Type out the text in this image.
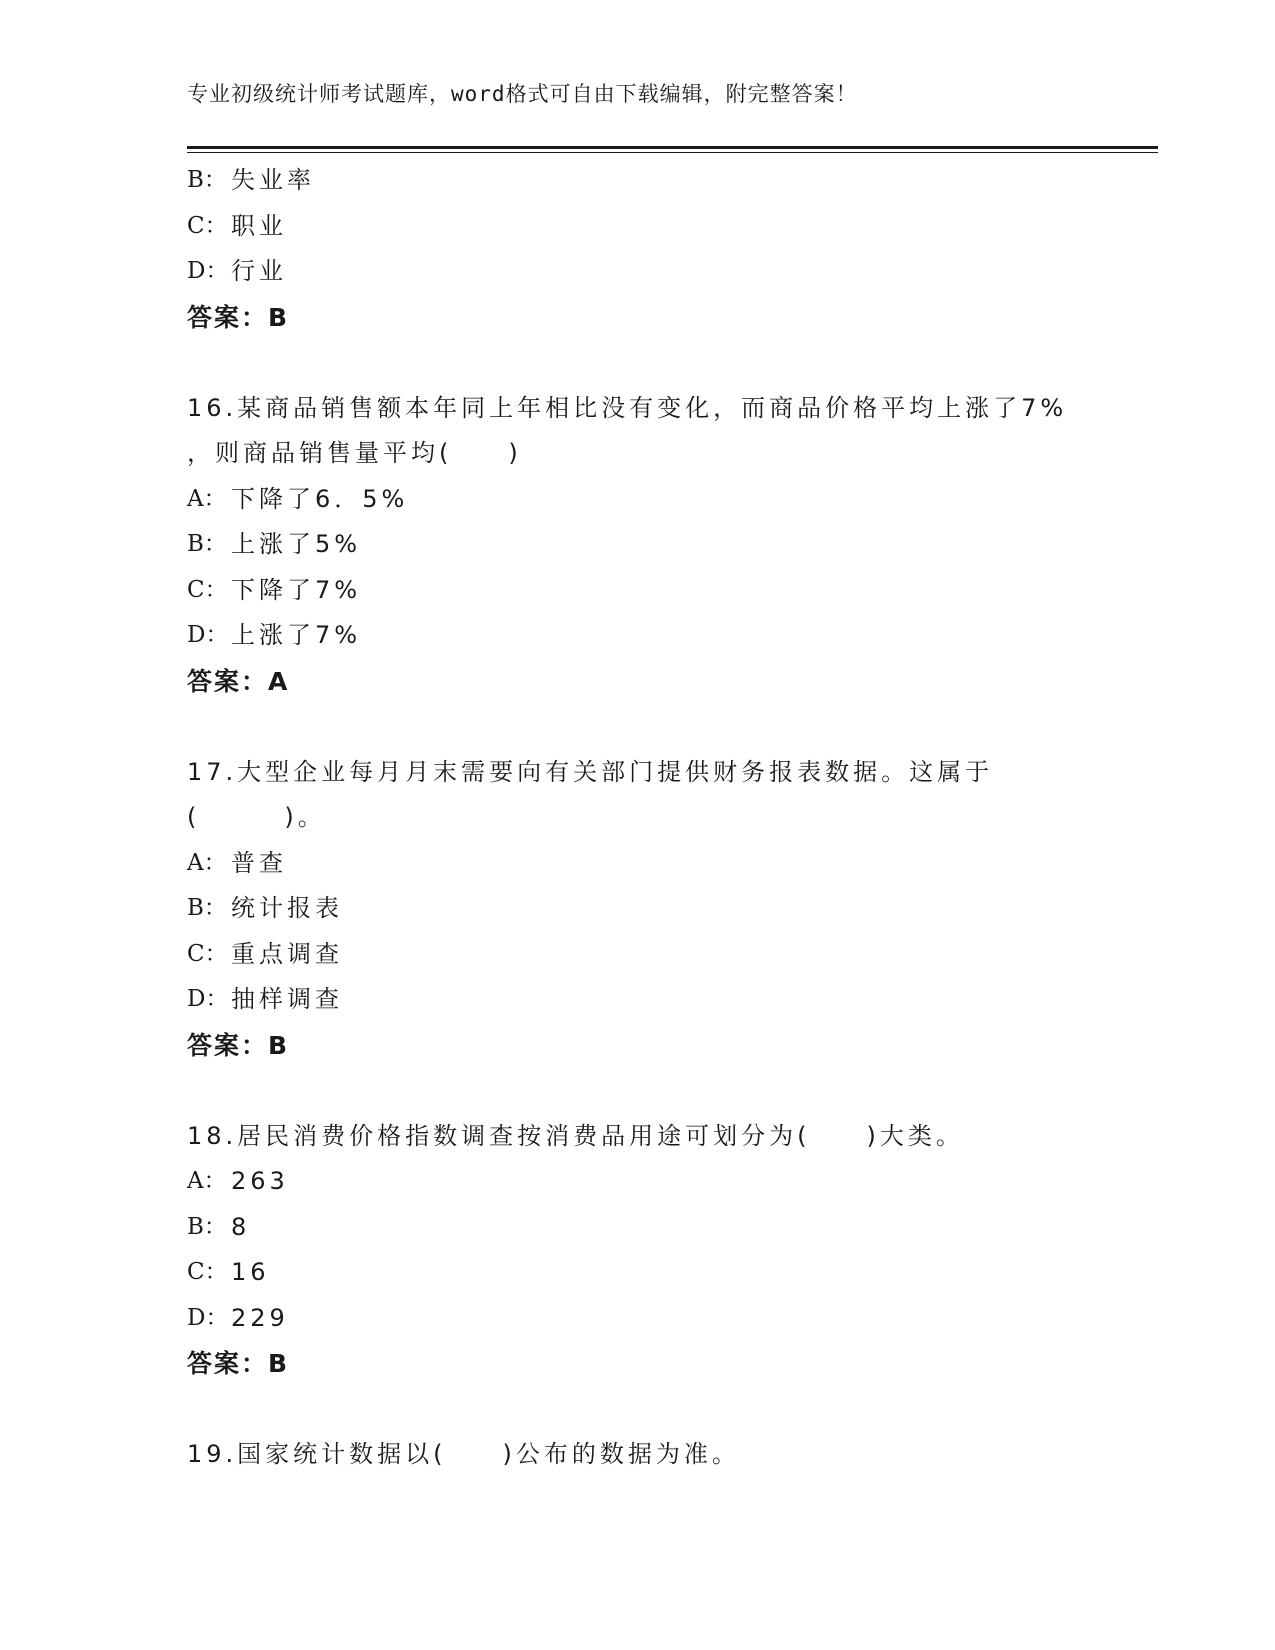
专业初级统计师考试题库，word格式可自由下载编辑，附完整答案！
B： 失业率
C： 职业
D： 行业
答案：B
16.某商品销售额本年同上年相比没有变化，而商品价格平均上涨了7%
，则商品销售量平均(　　)
A： 下降了6．5%
B： 上涨了5%
C： 下降了7%
D： 上涨了7%
答案：A
17.大型企业每月月末需要向有关部门提供财务报表数据。这属于
(　　　)。
A： 普查
B： 统计报表
C： 重点调查
D： 抽样调查
答案：B
18.居民消费价格指数调查按消费品用途可划分为(　　)大类。
A： 263
B： 8
C： 16
D： 229
答案：B
19.国家统计数据以(　　)公布的数据为准。
